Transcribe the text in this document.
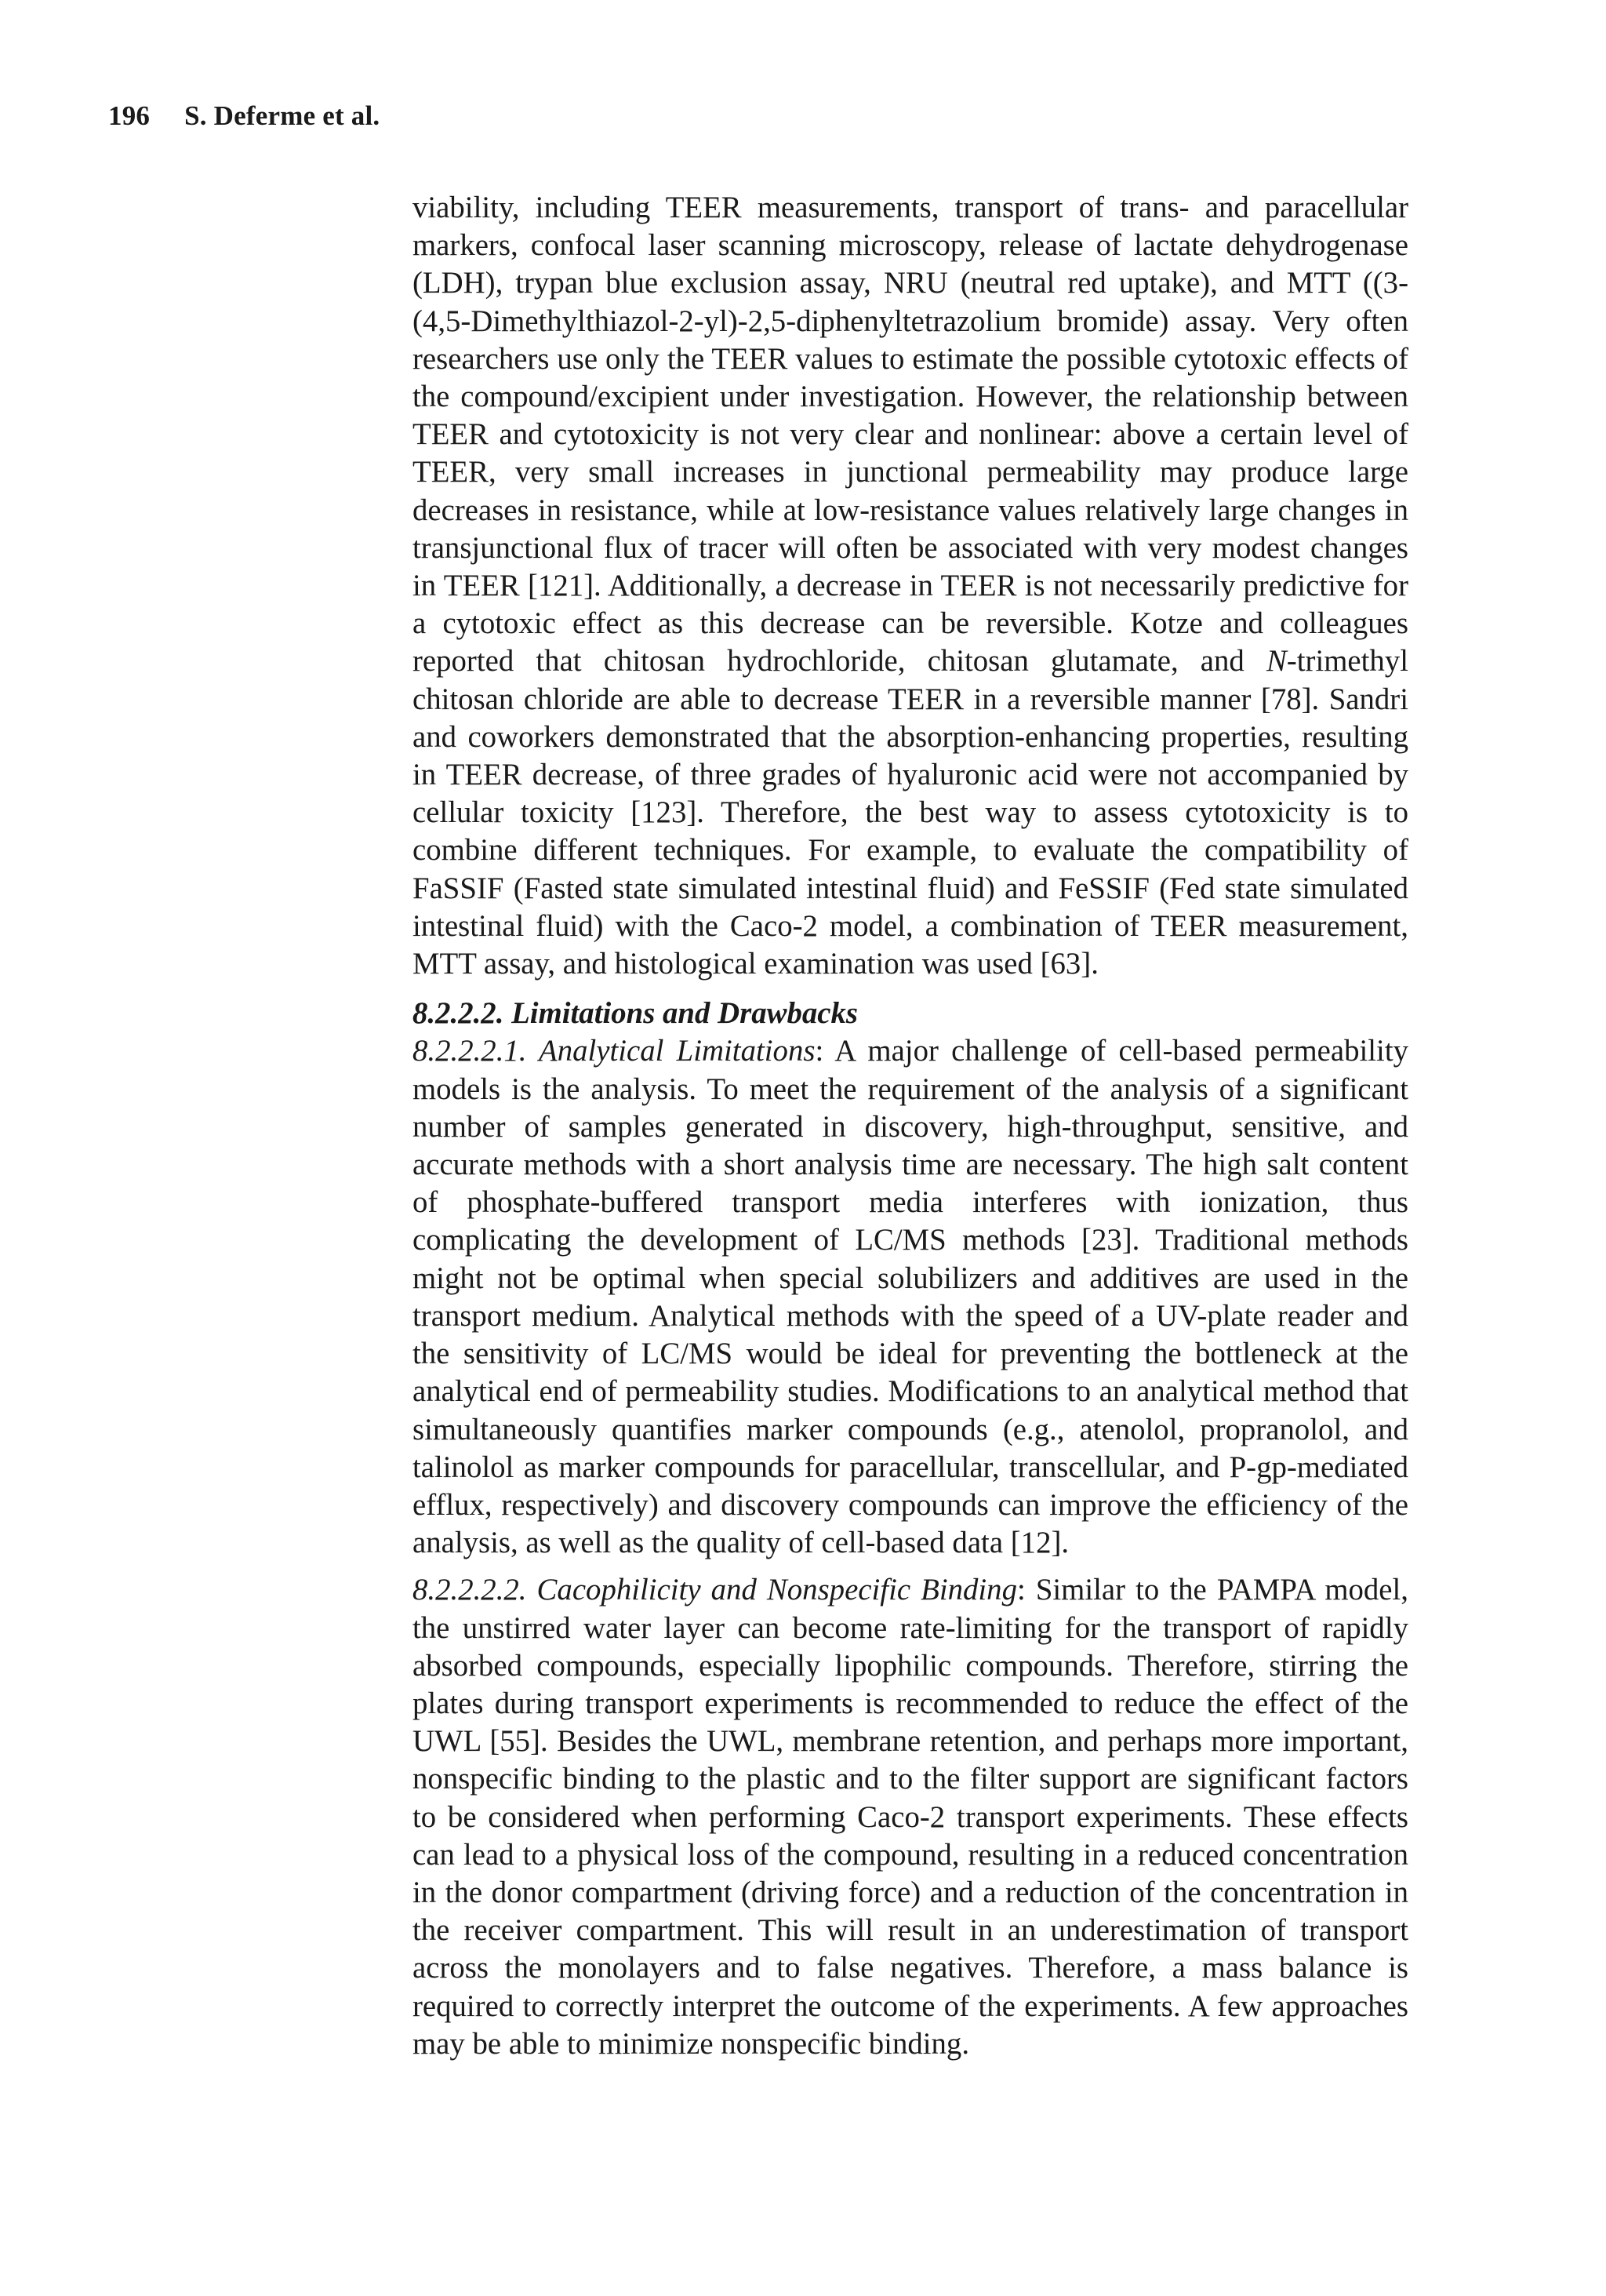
196 S. Deferme et al.

viability, including TEER measurements, transport of trans- and paracellular markers, confocal laser scanning microscopy, release of lactate dehydrogenase (LDH), trypan blue exclusion assay, NRU (neutral red uptake), and MTT ((3-(4,5-Dimethylthiazol-2-yl)-2,5-diphenyltetrazolium bromide) assay. Very often researchers use only the TEER values to estimate the possible cytotoxic effects of the compound/excipient under investigation. However, the relationship between TEER and cytotoxicity is not very clear and nonlinear: above a certain level of TEER, very small increases in junctional permeability may produce large decreases in resistance, while at low-resistance values relatively large changes in transjunctional flux of tracer will often be associated with very modest changes in TEER [121]. Additionally, a decrease in TEER is not necessarily predictive for a cytotoxic effect as this decrease can be reversible. Kotze and colleagues reported that chitosan hydrochloride, chitosan glutamate, and N-trimethyl chitosan chloride are able to decrease TEER in a reversible manner [78]. Sandri and coworkers demonstrated that the absorption-enhancing properties, resulting in TEER decrease, of three grades of hyaluronic acid were not accompanied by cellular toxicity [123]. Therefore, the best way to assess cytotoxicity is to combine different techniques. For example, to evaluate the compatibility of FaSSIF (Fasted state simulated intestinal fluid) and FeSSIF (Fed state simulated intestinal fluid) with the Caco-2 model, a combination of TEER measurement, MTT assay, and histological examination was used [63].

8.2.2.2. Limitations and Drawbacks

8.2.2.2.1. Analytical Limitations: A major challenge of cell-based permeability models is the analysis. To meet the requirement of the analysis of a significant number of samples generated in discovery, high-throughput, sensitive, and accurate methods with a short analysis time are necessary. The high salt content of phosphate-buffered transport media interferes with ionization, thus complicating the development of LC/MS methods [23]. Traditional methods might not be optimal when special solubilizers and additives are used in the transport medium. Analytical methods with the speed of a UV-plate reader and the sensitivity of LC/MS would be ideal for preventing the bottleneck at the analytical end of permeability studies. Modifications to an analytical method that simultaneously quantifies marker compounds (e.g., atenolol, propranolol, and talinolol as marker compounds for paracellular, transcellular, and P-gp-mediated efflux, respectively) and discovery compounds can improve the efficiency of the analysis, as well as the quality of cell-based data [12].

8.2.2.2.2. Cacophilicity and Nonspecific Binding: Similar to the PAMPA model, the unstirred water layer can become rate-limiting for the transport of rapidly absorbed compounds, especially lipophilic compounds. Therefore, stirring the plates during transport experiments is recommended to reduce the effect of the UWL [55]. Besides the UWL, membrane retention, and perhaps more important, nonspecific binding to the plastic and to the filter support are significant factors to be considered when performing Caco-2 transport experiments. These effects can lead to a physical loss of the compound, resulting in a reduced concentration in the donor compartment (driving force) and a reduction of the concentration in the receiver compartment. This will result in an underestimation of transport across the monolayers and to false negatives. Therefore, a mass balance is required to correctly interpret the outcome of the experiments. A few approaches may be able to minimize nonspecific binding.
